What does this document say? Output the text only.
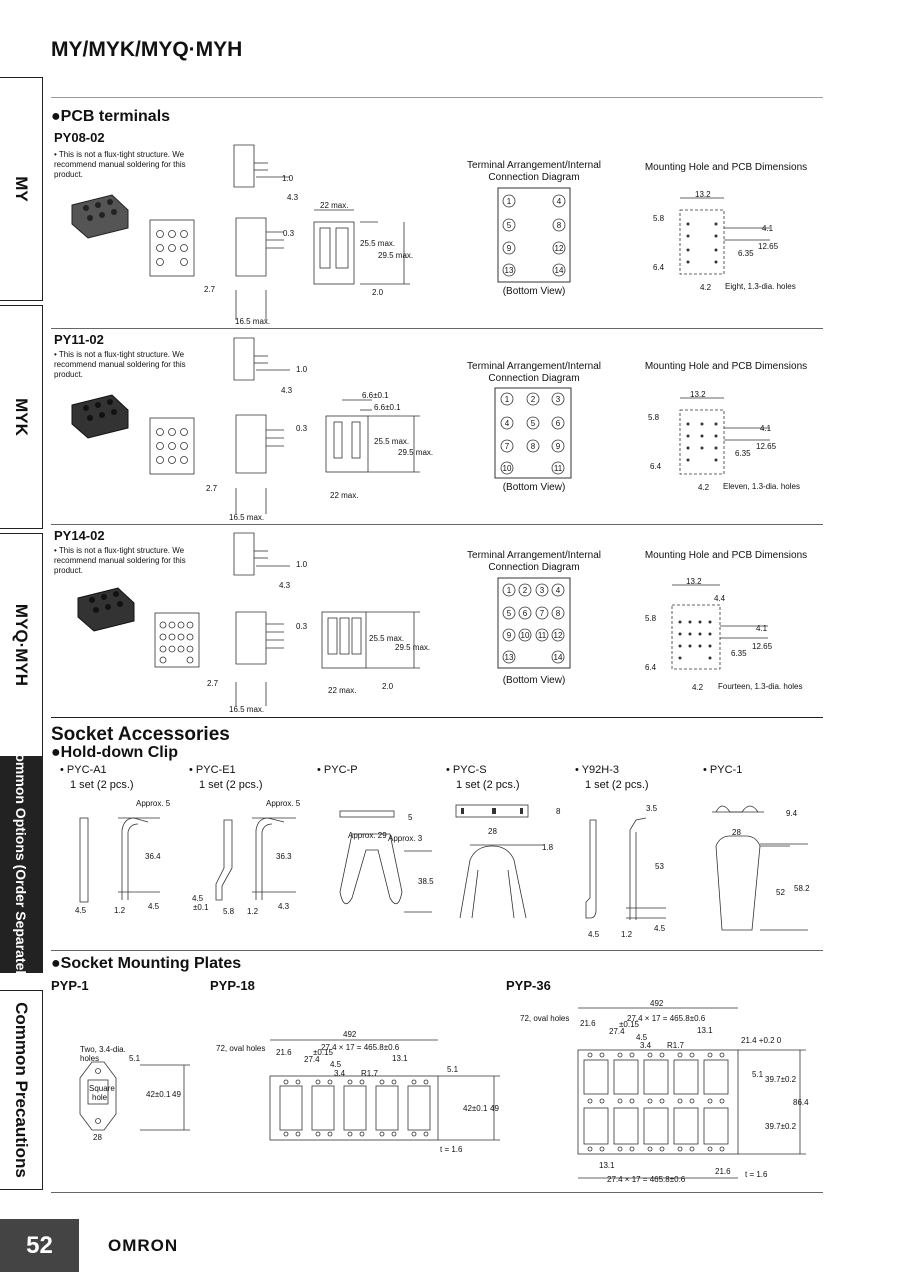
MY/MYK/MYQ·MYH
MY
MYK
MYQ·MYH
Common Options (Order Separately)
Common Precautions
●PCB terminals
PY08-02
• This is not a flux-tight structure. We recommend manual soldering for this product.
Terminal Arrangement/Internal Connection Diagram
Mounting Hole and PCB Dimensions
1.0
4.3
0.3
2.7
16.5 max.
22 max.
25.5 max.
29.5 max.
2.0
13.2
5.8
4.1
12.65
6.35
6.4
4.2
1.0
4.3
0.3
2.7
16.5 max.
6.6±0.1
6.6±0.1
25.5 max.
29.5 max.
22 max.
13.2
5.8
4.1
12.65
6.35
6.4
4.2
1.0
4.3
0.3
2.7
16.5 max.
25.5 max.
29.5 max.
22 max.	2.0
13.2
4.4
5.8
4.1
12.65
6.35
6.4
4.2
Approx. 5
36.4
4.5	1.2	4.5
Approx. 5
36.3
4.5
±0.1 5.8 1.2
4.3
5
Approx. 29 Approx. 3
38.5
8
28
1.8
3.5
53
4.5	1.2
4.5
9.4
28
52 58.2
Two, 3.4-dia.
holes	5.1
42±0.1 49
28
Square
hole
492
72, oval holes 21.6
27.4 × 17 = 465.8±0.6
27.4
±0.15
4.5
3.4 R1.7
13.1
5.1
42±0.1 49
t = 1.6
492
72, oval holes
21.6
27.4 × 17 = 465.8±0.6
±0.15
27.4
4.5
3.4 R1.7
13.1
21.4 +0.2 0
5.1
39.7±0.2
86.4
39.7±0.2
13.1
27.4 × 17 = 465.8±0.6
21.6 t = 1.6
1	4
5	8
9	12
13	14
1	2	3
4	5	6
7	8	9
10	11
1 2 3 4
5 6 7 8
9 10 11 12
13	14
(Bottom View)	Eight, 1.3-dia. holes
PY11-02
• This is not a flux-tight structure. We recommend manual soldering for this product.
Terminal Arrangement/Internal Connection Diagram
Mounting Hole and PCB Dimensions
(Bottom View)	Eleven, 1.3-dia. holes
PY14-02
• This is not a flux-tight structure. We recommend manual soldering for this product.
Terminal Arrangement/Internal Connection Diagram
Mounting Hole and PCB Dimensions
(Bottom View)
Fourteen, 1.3-dia. holes
Socket Accessories
●Hold-down Clip
• PYC-A1
1 set (2 pcs.)
• PYC-E1
1 set (2 pcs.)
• PYC-P	• PYC-S
1 set (2 pcs.)
• Y92H-3
1 set (2 pcs.)
• PYC-1
●Socket Mounting Plates
PYP-1	PYP-18	PYP-36
52	OMRON
